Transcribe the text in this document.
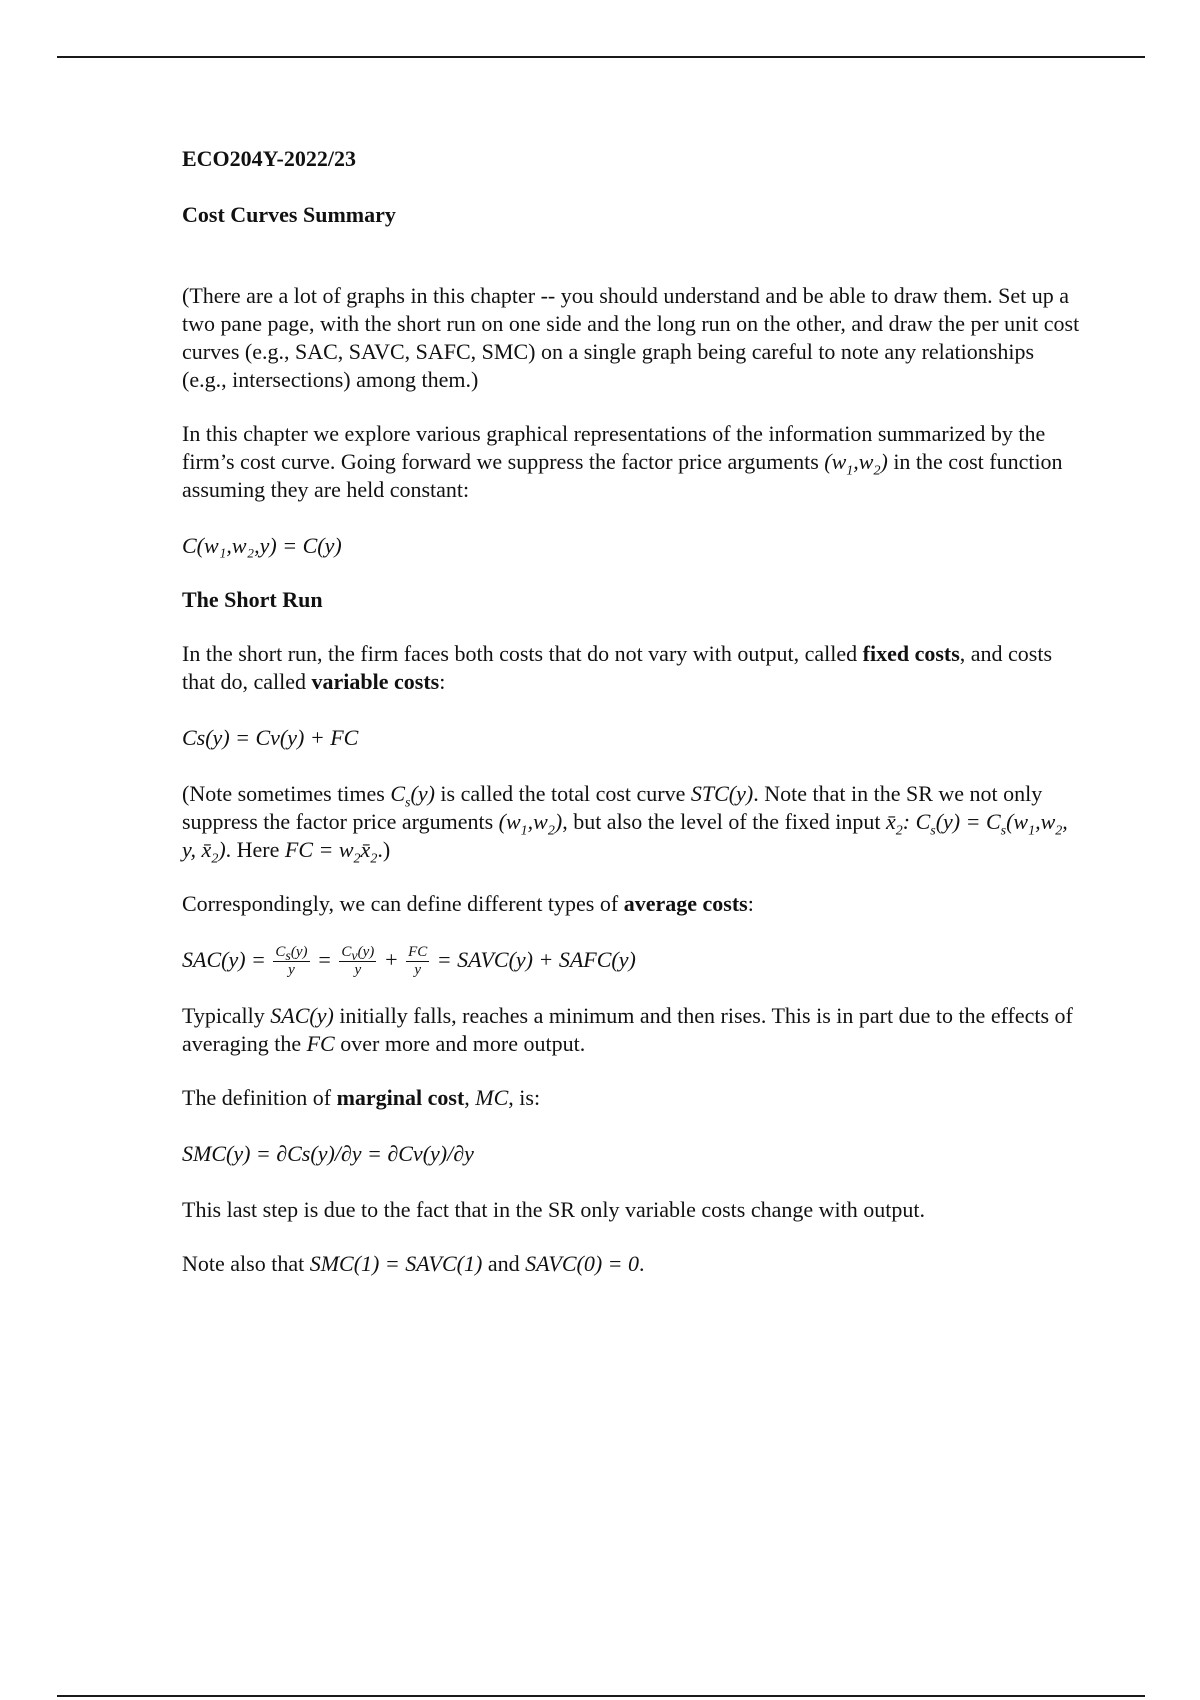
ECO204Y-2022/23

Cost Curves Summary

(There are a lot of graphs in this chapter -- you should understand and be able to draw them. Set up a two pane page, with the short run on one side and the long run on the other, and draw the per unit cost curves (e.g., SAC, SAVC, SAFC, SMC) on a single graph being careful to note any relationships (e.g., intersections) among them.)

In this chapter we explore various graphical representations of the information summarized by the firm’s cost curve. Going forward we suppress the factor price arguments $(w_1,w_2)$ in the cost function assuming they are held constant:

C(w₁,w₂,y) = C(y)

The Short Run

In the short run, the firm faces both costs that do not vary with output, called fixed costs, and costs that do, called variable costs:

Cs(y) = Cv(y) + FC

(Note sometimes times $C_s(y)$ is called the total cost curve STC(y). Note that in the SR we not only suppress the factor price arguments $(w_1,w_2)$, but also the level of the fixed input $x̄_2$: $C_s(y) = C_s(w_1,w_2$, y, $x̄_2$). Here FC = $w_2x̄_2$.)

Correspondingly, we can define different types of average costs:

$SAC(y) = \frac{C_s(y)}{y} = \frac{C_v(y)}{y} + \frac{FC}{y}$ = SAVC(y) + SAFC(y)

Typically SAC(y) initially falls, reaches a minimum and then rises. This is in part due to the effects of averaging the FC over more and more output.

The definition of marginal cost, MC, is:

SMC(y) = ∂Cs(y)/∂y = ∂Cv(y)/∂y

This last step is due to the fact that in the SR only variable costs change with output.

Note also that SMC(1) = SAVC(1) and SAVC(0) = 0.
